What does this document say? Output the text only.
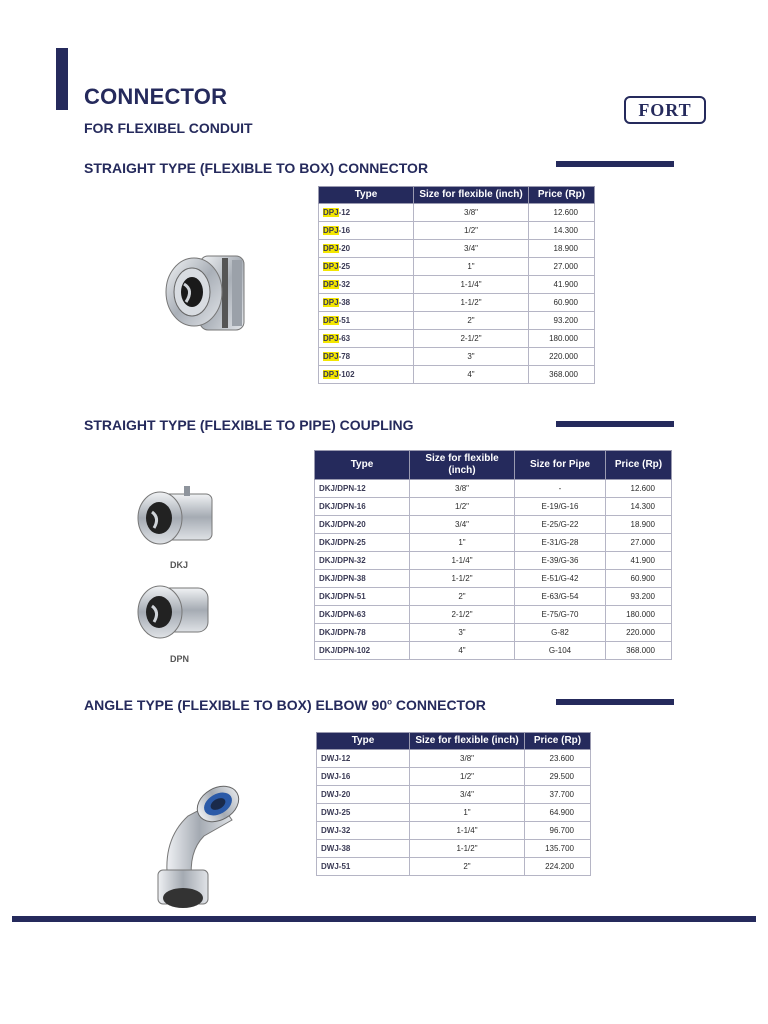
CONNECTOR
FOR FLEXIBEL CONDUIT
FORT
STRAIGHT TYPE (FLEXIBLE TO BOX) CONNECTOR
Type	Size for flexible (inch)	Price (Rp)
DPJ-12	3/8"	12.600
DPJ-16	1/2"	14.300
DPJ-20	3/4"	18.900
DPJ-25	1"	27.000
DPJ-32	1-1/4"	41.900
DPJ-38	1-1/2"	60.900
DPJ-51	2"	93.200
DPJ-63	2-1/2"	180.000
DPJ-78	3"	220.000
DPJ-102	4"	368.000
STRAIGHT TYPE (FLEXIBLE TO PIPE) COUPLING
DKJ
DPN
Type	Size for flexible (inch)	Size for Pipe	Price (Rp)
DKJ/DPN-12	3/8"	-	12.600
DKJ/DPN-16	1/2"	E-19/G-16	14.300
DKJ/DPN-20	3/4"	E-25/G-22	18.900
DKJ/DPN-25	1"	E-31/G-28	27.000
DKJ/DPN-32	1-1/4"	E-39/G-36	41.900
DKJ/DPN-38	1-1/2"	E-51/G-42	60.900
DKJ/DPN-51	2"	E-63/G-54	93.200
DKJ/DPN-63	2-1/2"	E-75/G-70	180.000
DKJ/DPN-78	3"	G-82	220.000
DKJ/DPN-102	4"	G-104	368.000
ANGLE TYPE (FLEXIBLE TO BOX) ELBOW 90$^o$ CONNECTOR
Type	Size for flexible (inch)	Price (Rp)
DWJ-12	3/8"	23.600
DWJ-16	1/2"	29.500
DWJ-20	3/4"	37.700
DWJ-25	1"	64.900
DWJ-32	1-1/4"	96.700
DWJ-38	1-1/2"	135.700
DWJ-51	2"	224.200
